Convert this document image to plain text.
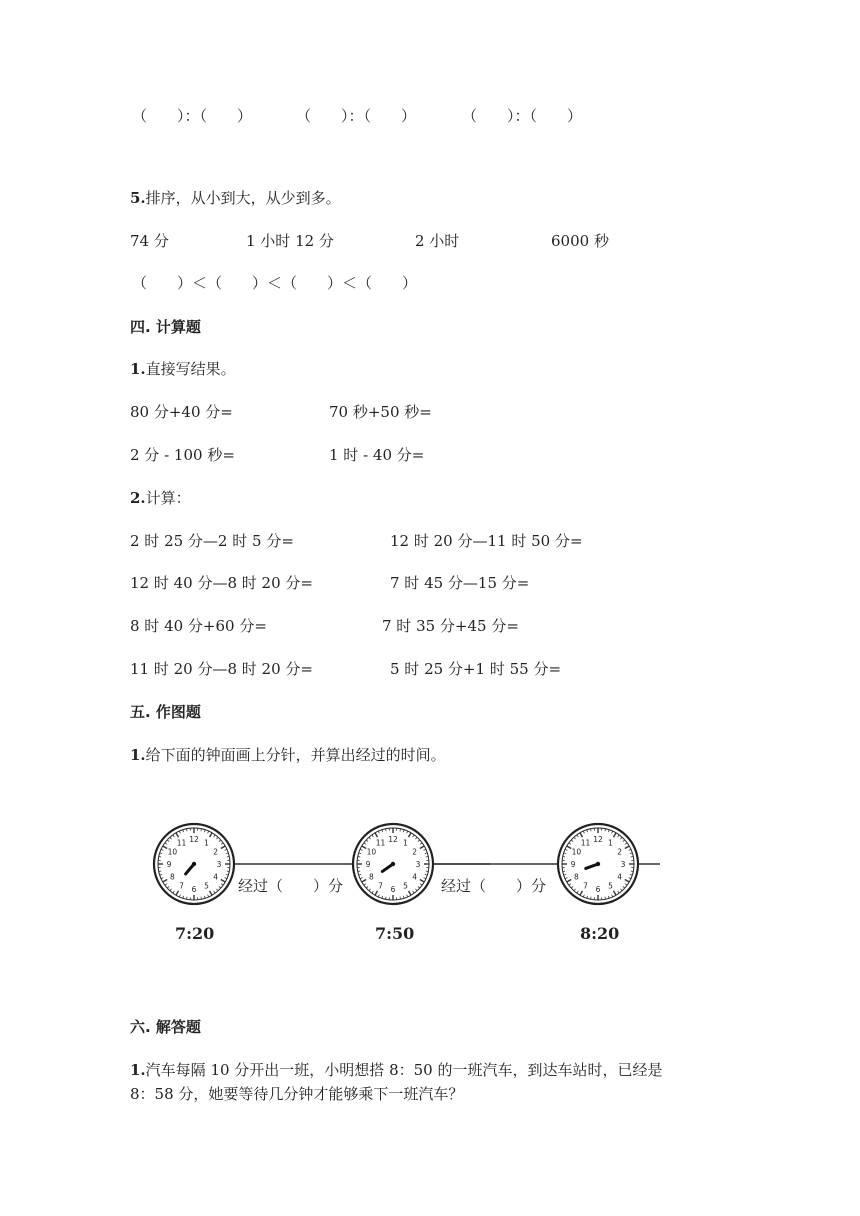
（　　）：（　　）	（　　）：（　　）	（　　）：（　　）
5.排序，从小到大，从少到多。
74 分	1 小时 12 分	2 小时	6000 秒
（　　）＜（　　）＜（　　）＜（　　）
四. 计算题
1.直接写结果。
80 分+40 分=	70 秒+50 秒=
2 分 - 100 秒=	1 时 - 40 分=
2.计算：
2 时 25 分—2 时 5 分=	12 时 20 分—11 时 50 分=
12 时 40 分—8 时 20 分=	7 时 45 分—15 分=
8 时 40 分+60 分=	7 时 35 分+45 分=
11 时 20 分—8 时 20 分=	5 时 25 分+1 时 55 分=
五. 作图题
1.给下面的钟面画上分针，并算出经过的时间。
12 1
2
3
4
5
6
7
8
9
10
11	12 1
2
3
4
5
6
7
8
9
10
11	12 1
2
3
4
5
6
7
8
9
10
11
经过（　　）分	经过（　　）分
7:20	7:50	8:20
六. 解答题
1.汽车每隔 10 分开出一班，小明想搭 8：50 的一班汽车，到达车站时，已经是
8：58 分，她要等待几分钟才能够乘下一班汽车？
